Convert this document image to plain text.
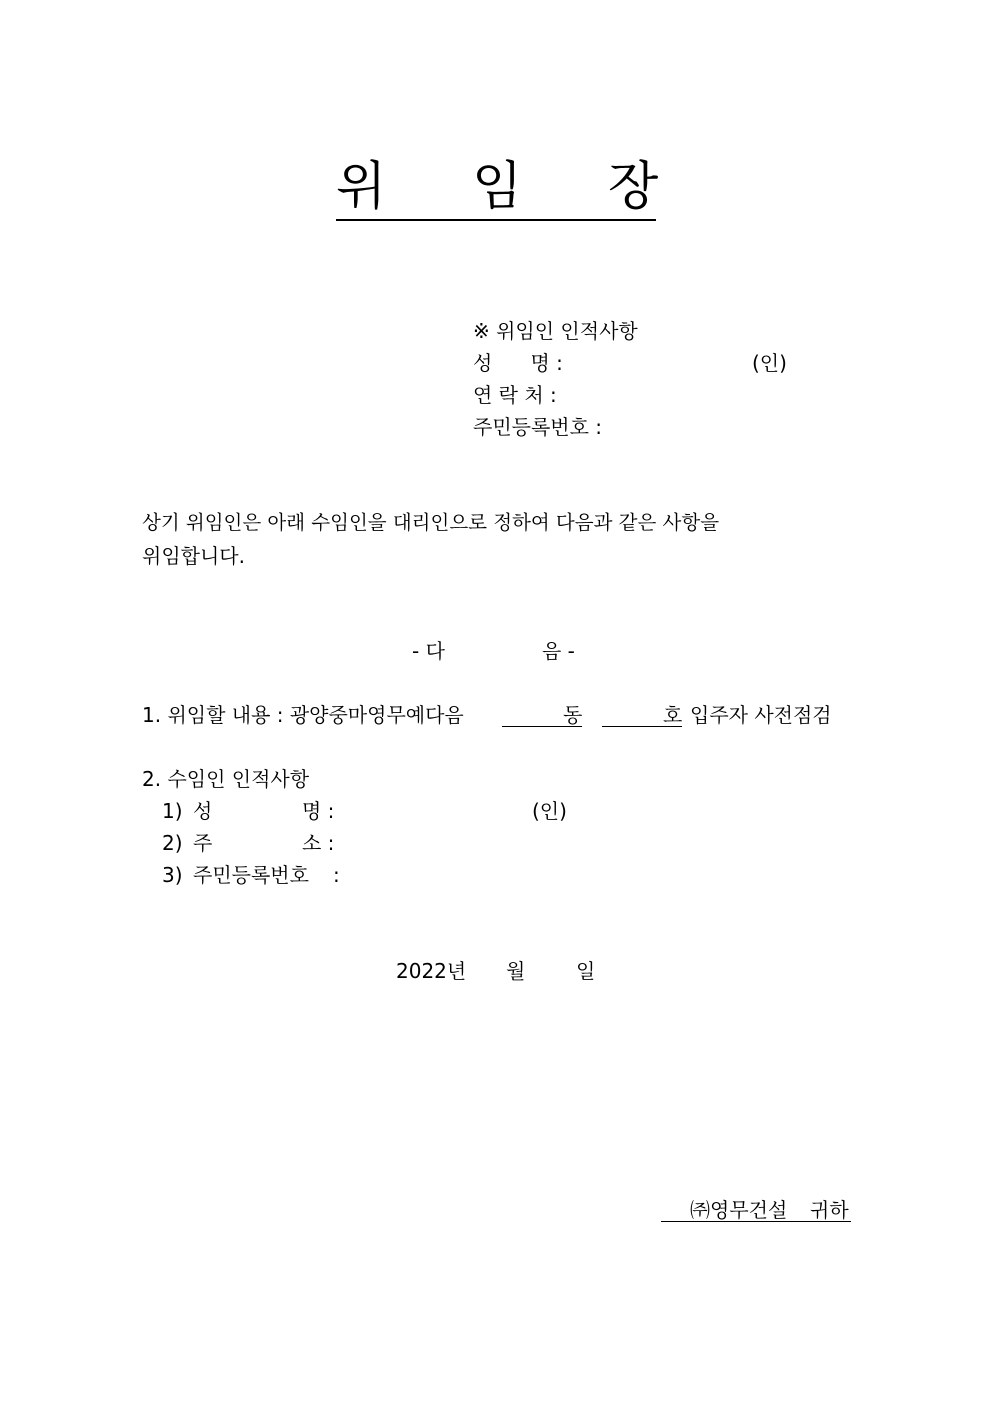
위

임

장

※ 위임인 인적사항
성      명 :	(인)
연 락 처 :
주민등록번호 :
상기 위임인은 아래 수임인을 대리인으로 정하여 다음과 같은 사항을
위임합니다.
- 다	음 -
1. 위임할 내용 : 광양중마영무예다음	동	호 입주자 사전점검
2. 수임인 인적사항
1) 성	명 :	(인)
2) 주	소 :
3) 주민등록번호 :
2022년 월	일
㈜영무건설 귀하
